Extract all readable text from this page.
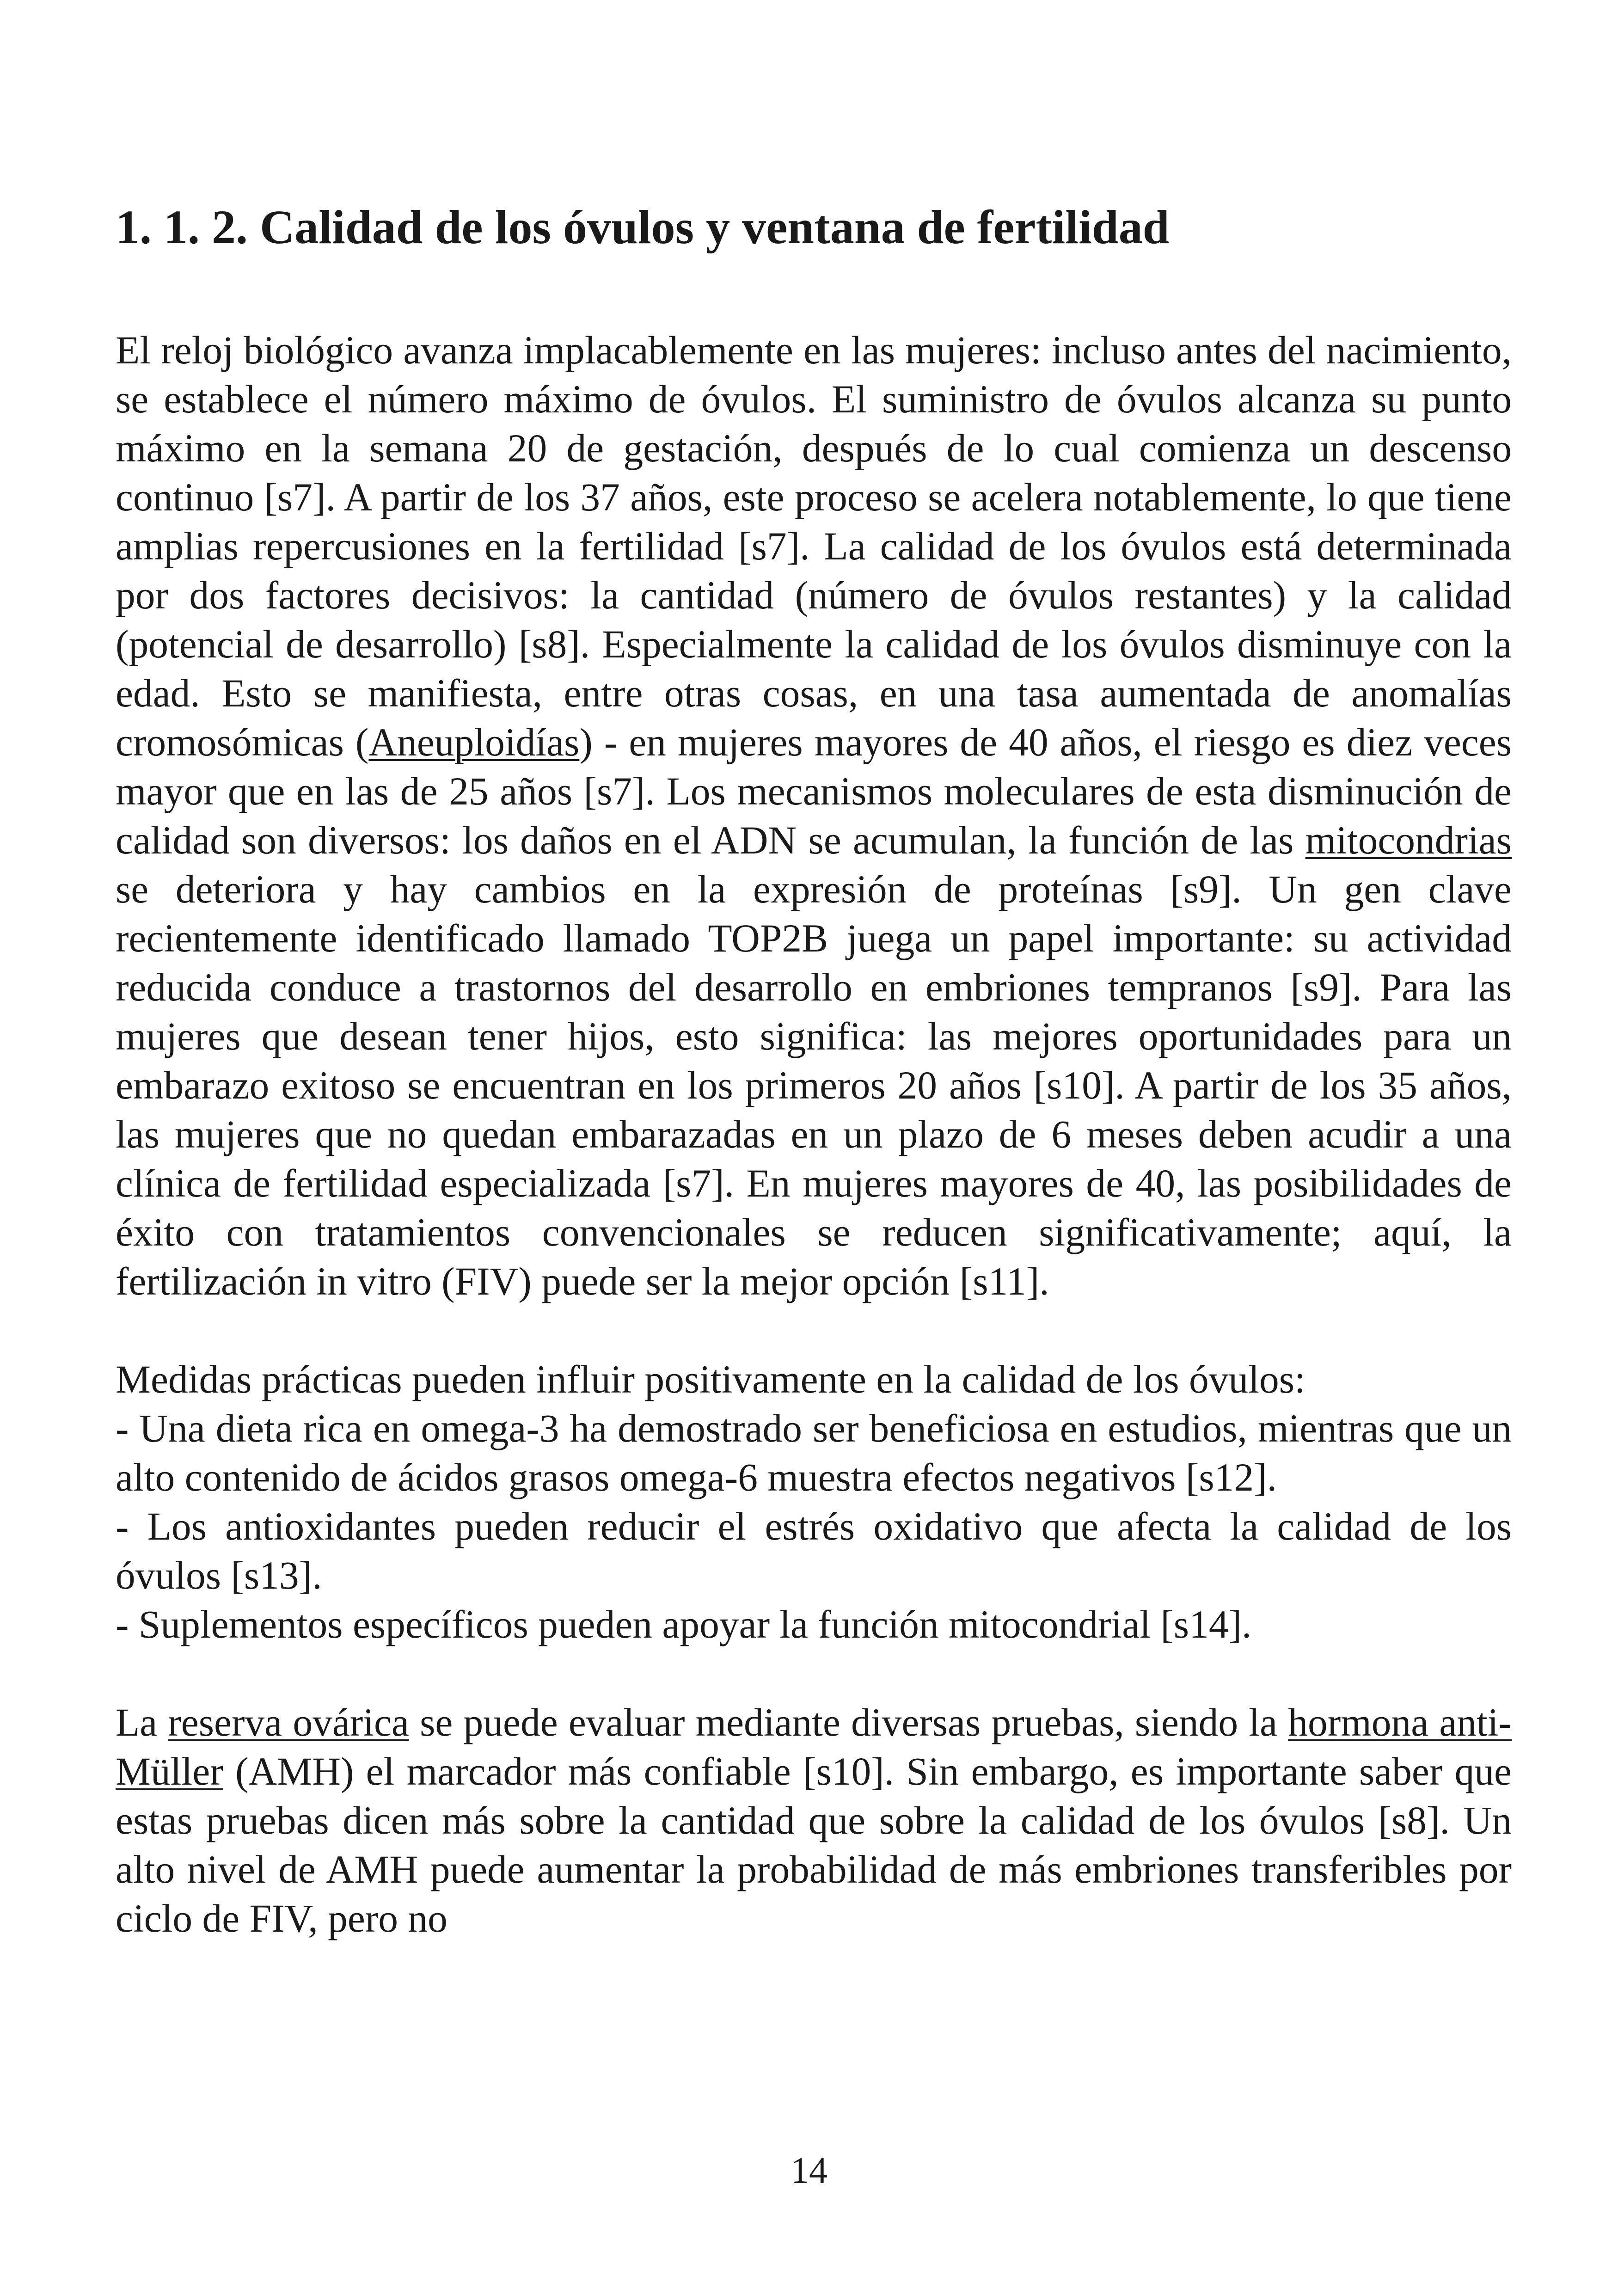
1. 1. 2. Calidad de los óvulos y ventana de fertilidad

El reloj biológico avanza implacablemente en las mujeres: incluso antes del nacimiento, se establece el número máximo de óvulos. El suministro de óvulos alcanza su punto máximo en la semana 20 de gestación, después de lo cual comienza un descenso continuo [s7]. A partir de los 37 años, este proceso se acelera notablemente, lo que tiene amplias repercusiones en la fertilidad [s7]. La calidad de los óvulos está determinada por dos factores decisivos: la cantidad (número de óvulos restantes) y la calidad (potencial de desarrollo) [s8]. Especialmente la calidad de los óvulos disminuye con la edad. Esto se manifiesta, entre otras cosas, en una tasa aumentada de anomalías cromosómicas (Aneuploidías) - en mujeres mayores de 40 años, el riesgo es diez veces mayor que en las de 25 años [s7]. Los mecanismos moleculares de esta disminución de calidad son diversos: los daños en el ADN se acumulan, la función de las mitocondrias se deteriora y hay cambios en la expresión de proteínas [s9]. Un gen clave recientemente identificado llamado TOP2B juega un papel importante: su actividad reducida conduce a trastornos del desarrollo en embriones tempranos [s9]. Para las mujeres que desean tener hijos, esto significa: las mejores oportunidades para un embarazo exitoso se encuentran en los primeros 20 años [s10]. A partir de los 35 años, las mujeres que no quedan embarazadas en un plazo de 6 meses deben acudir a una clínica de fertilidad especializada [s7]. En mujeres mayores de 40, las posibilidades de éxito con tratamientos convencionales se reducen significativamente; aquí, la fertilización in vitro (FIV) puede ser la mejor opción [s11].

Medidas prácticas pueden influir positivamente en la calidad de los óvulos:

- Una dieta rica en omega-3 ha demostrado ser beneficiosa en estudios, mientras que un alto contenido de ácidos grasos omega-6 muestra efectos negativos [s12].

- Los antioxidantes pueden reducir el estrés oxidativo que afecta la calidad de los óvulos [s13].

- Suplementos específicos pueden apoyar la función mitocondrial [s14].

La reserva ovárica se puede evaluar mediante diversas pruebas, siendo la hormona anti-Müller (AMH) el marcador más confiable [s10]. Sin embargo, es importante saber que estas pruebas dicen más sobre la cantidad que sobre la calidad de los óvulos [s8]. Un alto nivel de AMH puede aumentar la probabilidad de más embriones transferibles por ciclo de FIV, pero no

14
